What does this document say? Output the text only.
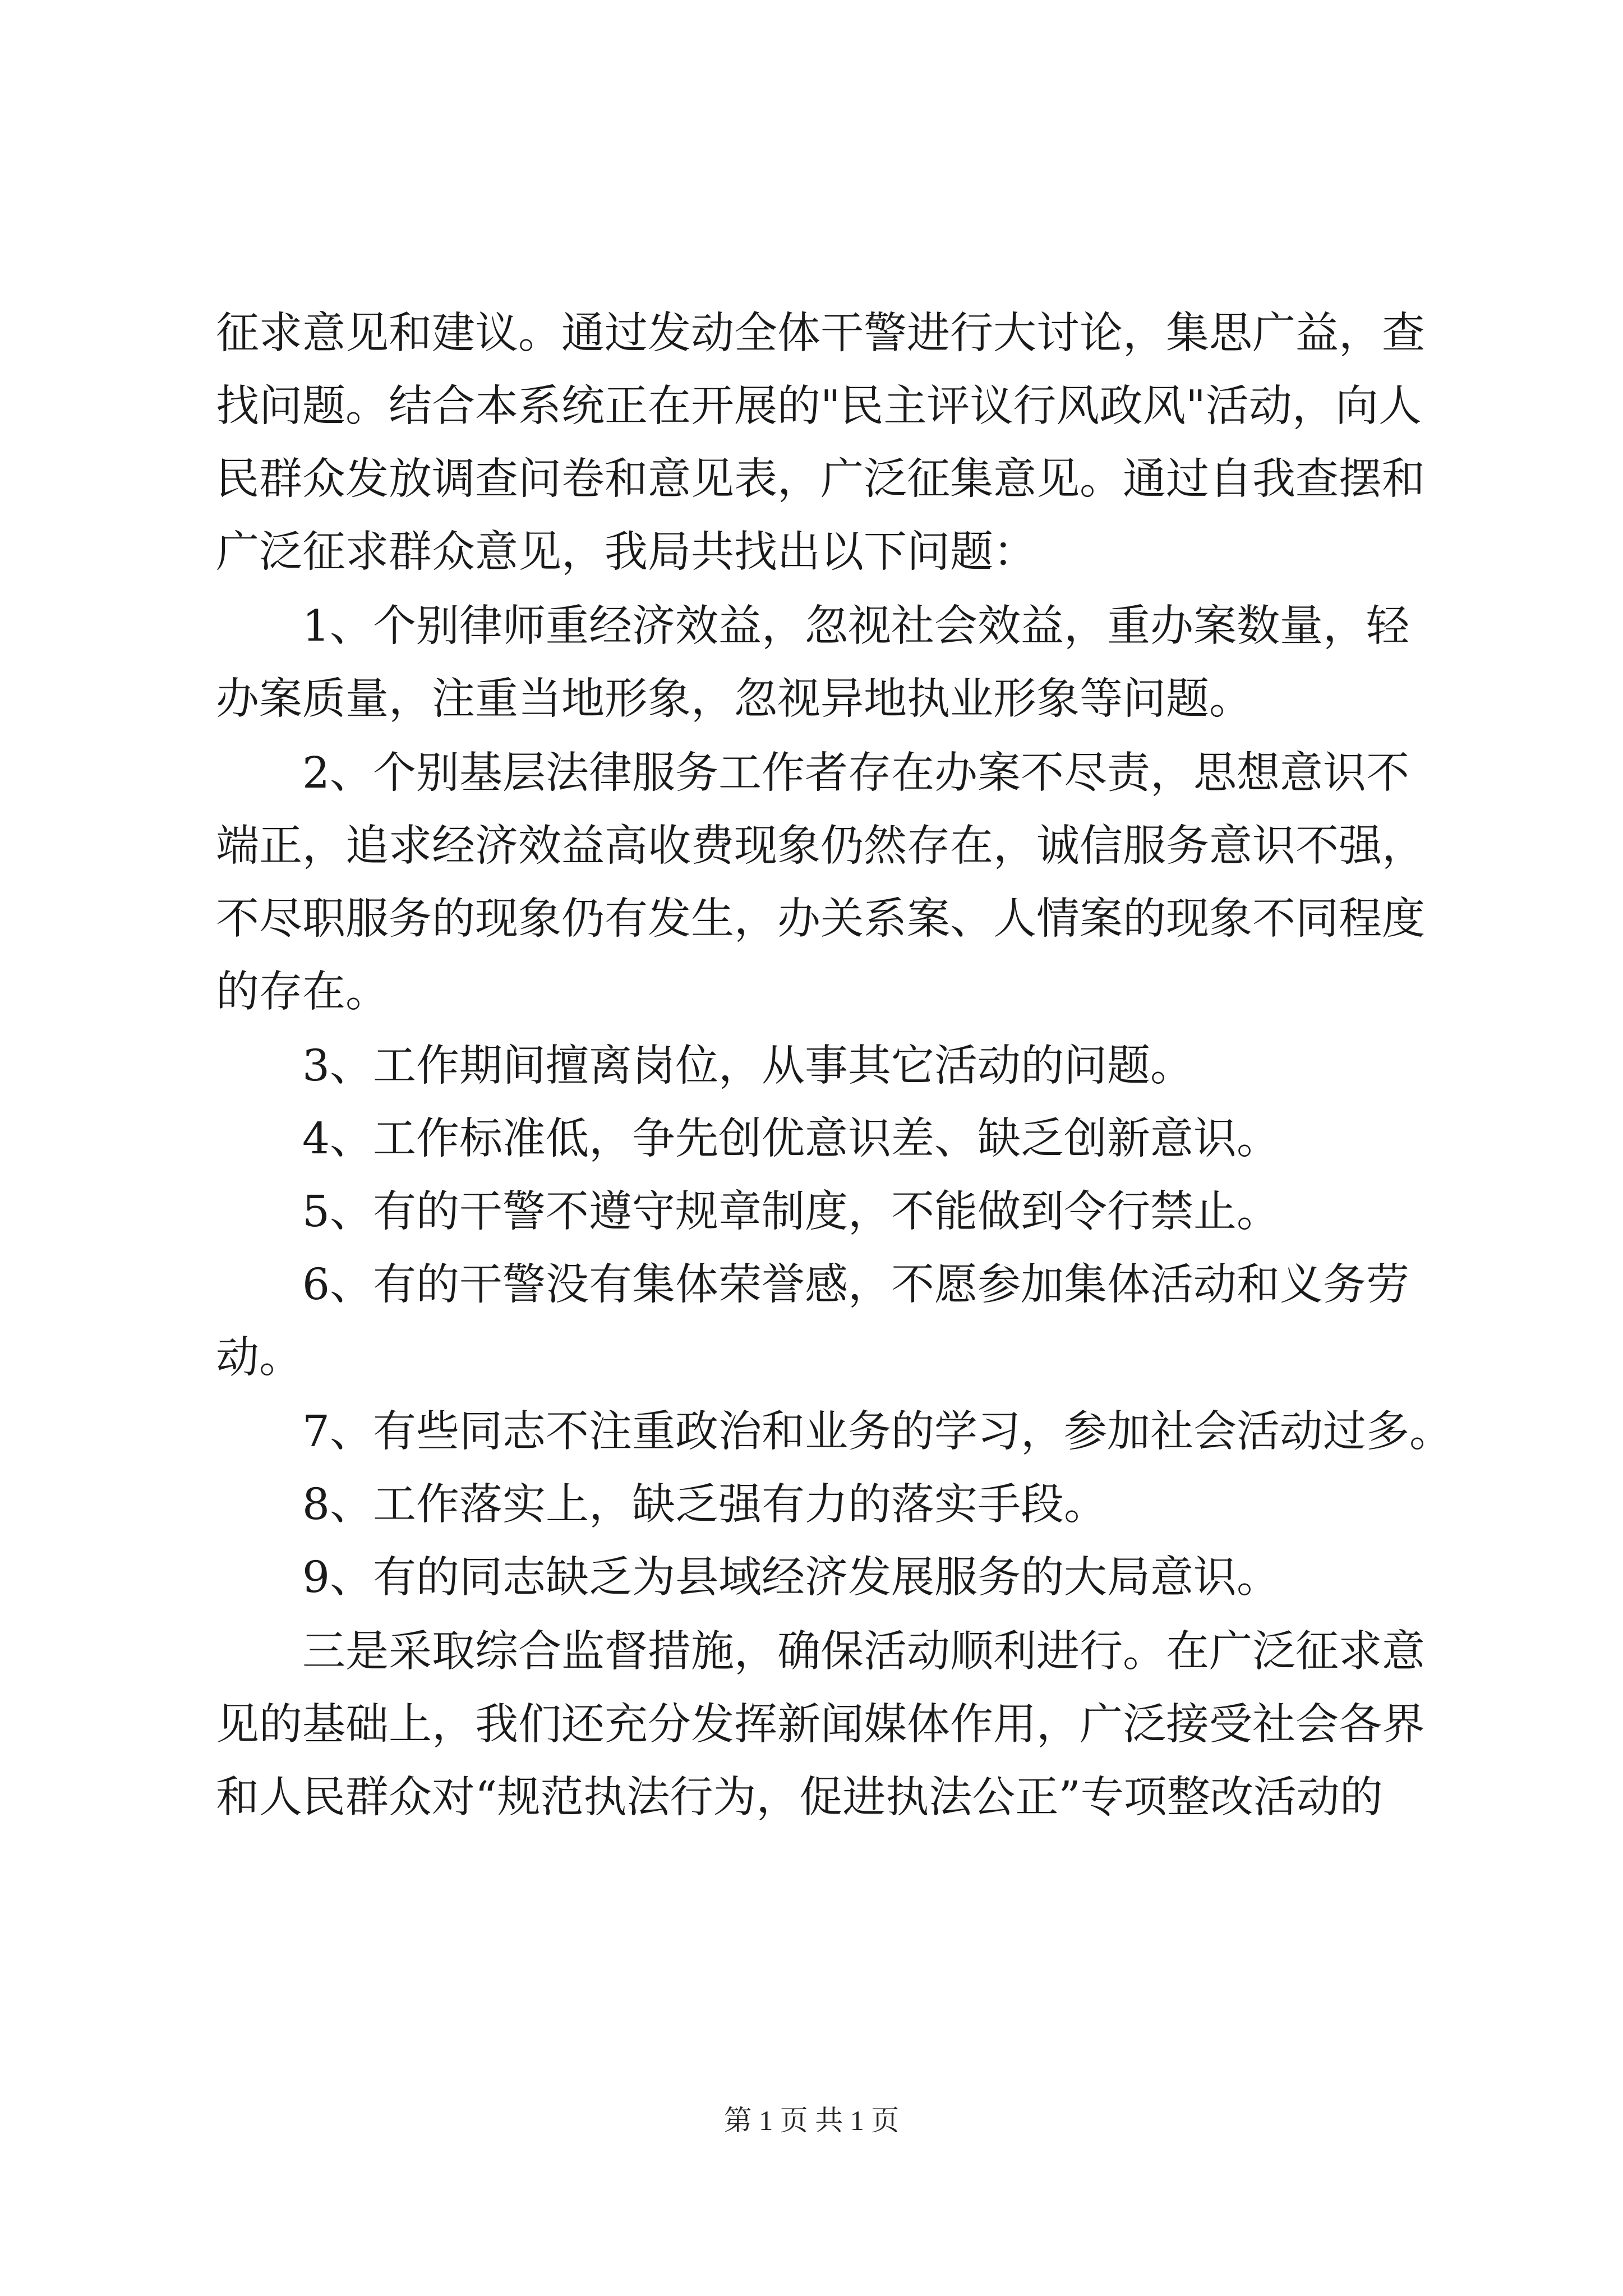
征求意见和建议。通过发动全体干警进行大讨论，集思广益，查
找问题。结合本系统正在开展的"民主评议行风政风"活动，向人
民群众发放调查问卷和意见表，广泛征集意见。通过自我查摆和
广泛征求群众意见，我局共找出以下问题：
1、个别律师重经济效益，忽视社会效益，重办案数量，轻
办案质量，注重当地形象，忽视异地执业形象等问题。
2、个别基层法律服务工作者存在办案不尽责，思想意识不
端正，追求经济效益高收费现象仍然存在，诚信服务意识不强，
不尽职服务的现象仍有发生，办关系案、人情案的现象不同程度
的存在。
3、工作期间擅离岗位，从事其它活动的问题。
4、工作标准低，争先创优意识差、缺乏创新意识。
5、有的干警不遵守规章制度，不能做到令行禁止。
6、有的干警没有集体荣誉感，不愿参加集体活动和义务劳
动。
7、有些同志不注重政治和业务的学习，参加社会活动过多。
8、工作落实上，缺乏强有力的落实手段。
9、有的同志缺乏为县域经济发展服务的大局意识。
三是采取综合监督措施，确保活动顺利进行。在广泛征求意
见的基础上，我们还充分发挥新闻媒体作用，广泛接受社会各界
和人民群众对“规范执法行为，促进执法公正”专项整改活动的
第 1 页 共 1 页
